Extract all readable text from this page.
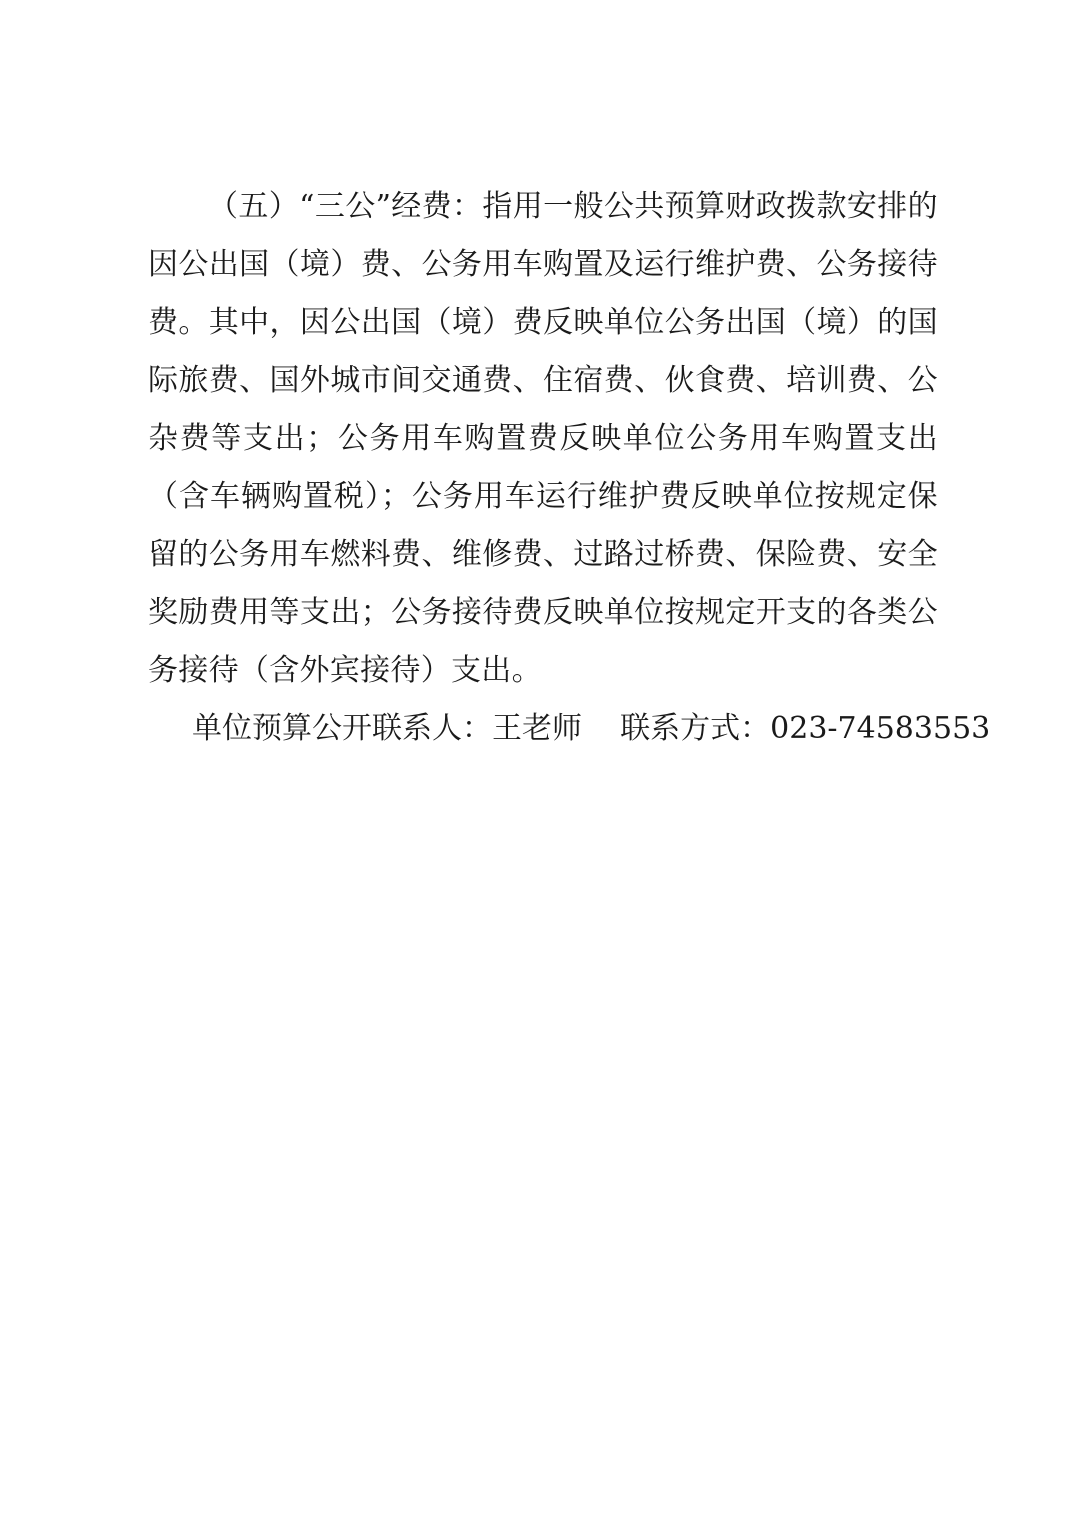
（五）“三公”经费：指用一般公共预算财政拨款安排的因公出国（境）费、公务用车购置及运行维护费、公务接待费。其中，因公出国（境）费反映单位公务出国（境）的国际旅费、国外城市间交通费、住宿费、伙食费、培训费、公杂费等支出；公务用车购置费反映单位公务用车购置支出（含车辆购置税）；公务用车运行维护费反映单位按规定保留的公务用车燃料费、维修费、过路过桥费、保险费、安全奖励费用等支出；公务接待费反映单位按规定开支的各类公务接待（含外宾接待）支出。

单位预算公开联系人：王老师    联系方式：023-74583553
